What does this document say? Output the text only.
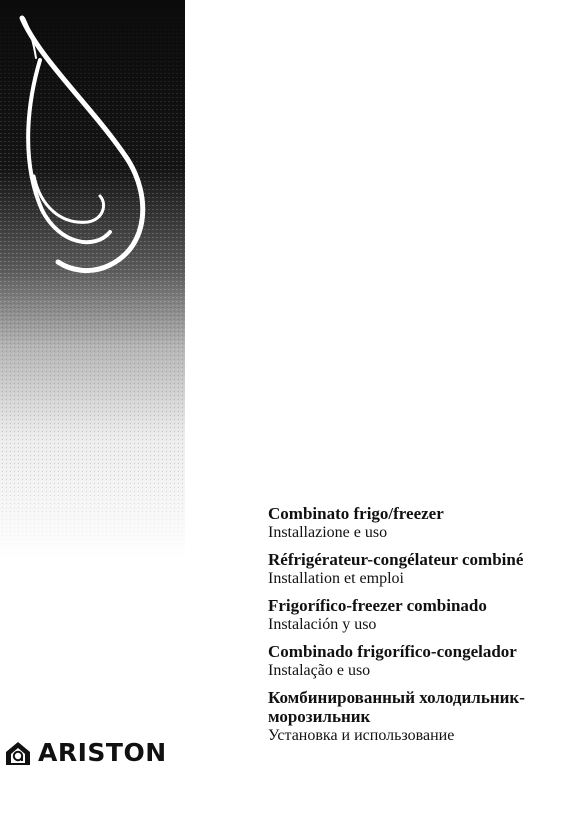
Combinato frigo/freezer
Installazione e uso
Réfrigérateur-congélateur combiné
Installation et emploi
Frigorífico-freezer combinado
Instalación y uso
Combinado frigorífico-congelador
Instalação e uso
Комбинированный холодильник-морозильник
Установка и использование
ARISTON
